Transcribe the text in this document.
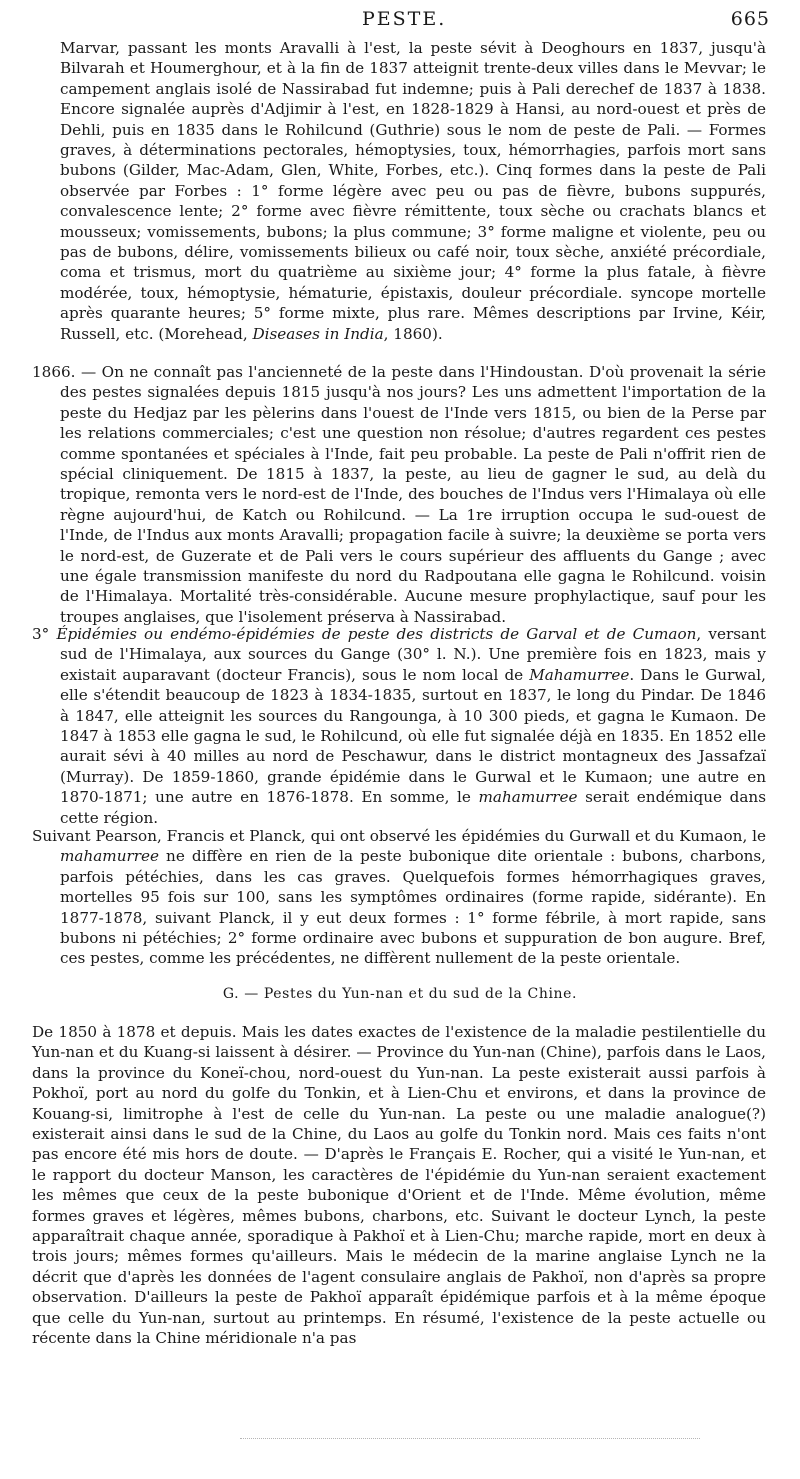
PESTE.	665

Marvar, passant les monts Aravalli à l'est, la peste sévit à Deoghours en 1837, jusqu'à Bilvarah et Houmerghour, et à la fin de 1837 atteignit trente-deux villes dans le Mevvar; le campement anglais isolé de Nassirabad fut indemne; puis à Pali derechef de 1837 à 1838. Encore signalée auprès d'Adjimir à l'est, en 1828-1829 à Hansi, au nord-ouest et près de Dehli, puis en 1835 dans le Rohilcund (Guthrie) sous le nom de peste de Pali. — Formes graves, à déterminations pectorales, hémoptysies, toux, hémorrhagies, parfois mort sans bubons (Gilder, Mac-Adam, Glen, White, Forbes, etc.). Cinq formes dans la peste de Pali observée par Forbes : 1° forme légère avec peu ou pas de fièvre, bubons suppurés, convalescence lente; 2° forme avec fièvre rémittente, toux sèche ou crachats blancs et mousseux; vomissements, bubons; la plus commune; 3° forme maligne et violente, peu ou pas de bubons, délire, vomissements bilieux ou café noir, toux sèche, anxiété précordiale, coma et trismus, mort du quatrième au sixième jour; 4° forme la plus fatale, à fièvre modérée, toux, hémoptysie, hématurie, épistaxis, douleur précordiale. syncope mortelle après quarante heures; 5° forme mixte, plus rare. Mêmes descriptions par Irvine, Kéir, Russell, etc. (Morehead, Diseases in India, 1860).

1866. — On ne connaît pas l'ancienneté de la peste dans l'Hindoustan. D'où provenait la série des pestes signalées depuis 1815 jusqu'à nos jours? Les uns admettent l'importation de la peste du Hedjaz par les pèlerins dans l'ouest de l'Inde vers 1815, ou bien de la Perse par les relations commerciales; c'est une question non résolue; d'autres regardent ces pestes comme spontanées et spéciales à l'Inde, fait peu probable. La peste de Pali n'offrit rien de spécial cliniquement. De 1815 à 1837, la peste, au lieu de gagner le sud, au delà du tropique, remonta vers le nord-est de l'Inde, des bouches de l'Indus vers l'Himalaya où elle règne aujourd'hui, de Katch ou Rohilcund. — La 1re irruption occupa le sud-ouest de l'Inde, de l'Indus aux monts Aravalli; propagation facile à suivre; la deuxième se porta vers le nord-est, de Guzerate et de Pali vers le cours supérieur des affluents du Gange ; avec une égale transmission manifeste du nord du Radpoutana elle gagna le Rohilcund. voisin de l'Himalaya. Mortalité très-considérable. Aucune mesure prophylactique, sauf pour les troupes anglaises, que l'isolement préserva à Nassirabad.

3° Épidémies ou endémo-épidémies de peste des districts de Garval et de Cumaon, versant sud de l'Himalaya, aux sources du Gange (30° l. N.). Une première fois en 1823, mais y existait auparavant (docteur Francis), sous le nom local de Mahamurree. Dans le Gurwal, elle s'étendit beaucoup de 1823 à 1834-1835, surtout en 1837, le long du Pindar. De 1846 à 1847, elle atteignit les sources du Rangounga, à 10 300 pieds, et gagna le Kumaon. De 1847 à 1853 elle gagna le sud, le Rohilcund, où elle fut signalée déjà en 1835. En 1852 elle aurait sévi à 40 milles au nord de Peschawur, dans le district montagneux des Jassafzaï (Murray). De 1859-1860, grande épidémie dans le Gurwal et le Kumaon; une autre en 1870-1871; une autre en 1876-1878. En somme, le mahamurree serait endémique dans cette région.

Suivant Pearson, Francis et Planck, qui ont observé les épidémies du Gurwall et du Kumaon, le mahamurree ne diffère en rien de la peste bubonique dite orientale : bubons, charbons, parfois pétéchies, dans les cas graves. Quelquefois formes hémorrhagiques graves, mortelles 95 fois sur 100, sans les symptômes ordinaires (forme rapide, sidérante). En 1877-1878, suivant Planck, il y eut deux formes : 1° forme fébrile, à mort rapide, sans bubons ni pétéchies; 2° forme ordinaire avec bubons et suppuration de bon augure. Bref, ces pestes, comme les précédentes, ne diffèrent nullement de la peste orientale.

G. — Pestes du Yun-nan et du sud de la Chine.

De 1850 à 1878 et depuis. Mais les dates exactes de l'existence de la maladie pestilentielle du Yun-nan et du Kuang-si laissent à désirer. — Province du Yun-nan (Chine), parfois dans le Laos, dans la province du Koneï-chou, nord-ouest du Yun-nan. La peste existerait aussi parfois à Pokhoï, port au nord du golfe du Tonkin, et à Lien-Chu et environs, et dans la province de Kouang-si, limitrophe à l'est de celle du Yun-nan. La peste ou une maladie analogue(?) existerait ainsi dans le sud de la Chine, du Laos au golfe du Tonkin nord. Mais ces faits n'ont pas encore été mis hors de doute. — D'après le Français E. Rocher, qui a visité le Yun-nan, et le rapport du docteur Manson, les caractères de l'épidémie du Yun-nan seraient exactement les mêmes que ceux de la peste bubonique d'Orient et de l'Inde. Même évolution, même formes graves et légères, mêmes bubons, charbons, etc. Suivant le docteur Lynch, la peste apparaîtrait chaque année, sporadique à Pakhoï et à Lien-Chu; marche rapide, mort en deux à trois jours; mêmes formes qu'ailleurs. Mais le médecin de la marine anglaise Lynch ne la décrit que d'après les données de l'agent consulaire anglais de Pakhoï, non d'après sa propre observation. D'ailleurs la peste de Pakhoï apparaît épidémique parfois et à la même époque que celle du Yun-nan, surtout au printemps. En résumé, l'existence de la peste actuelle ou récente dans la Chine méridionale n'a pas
